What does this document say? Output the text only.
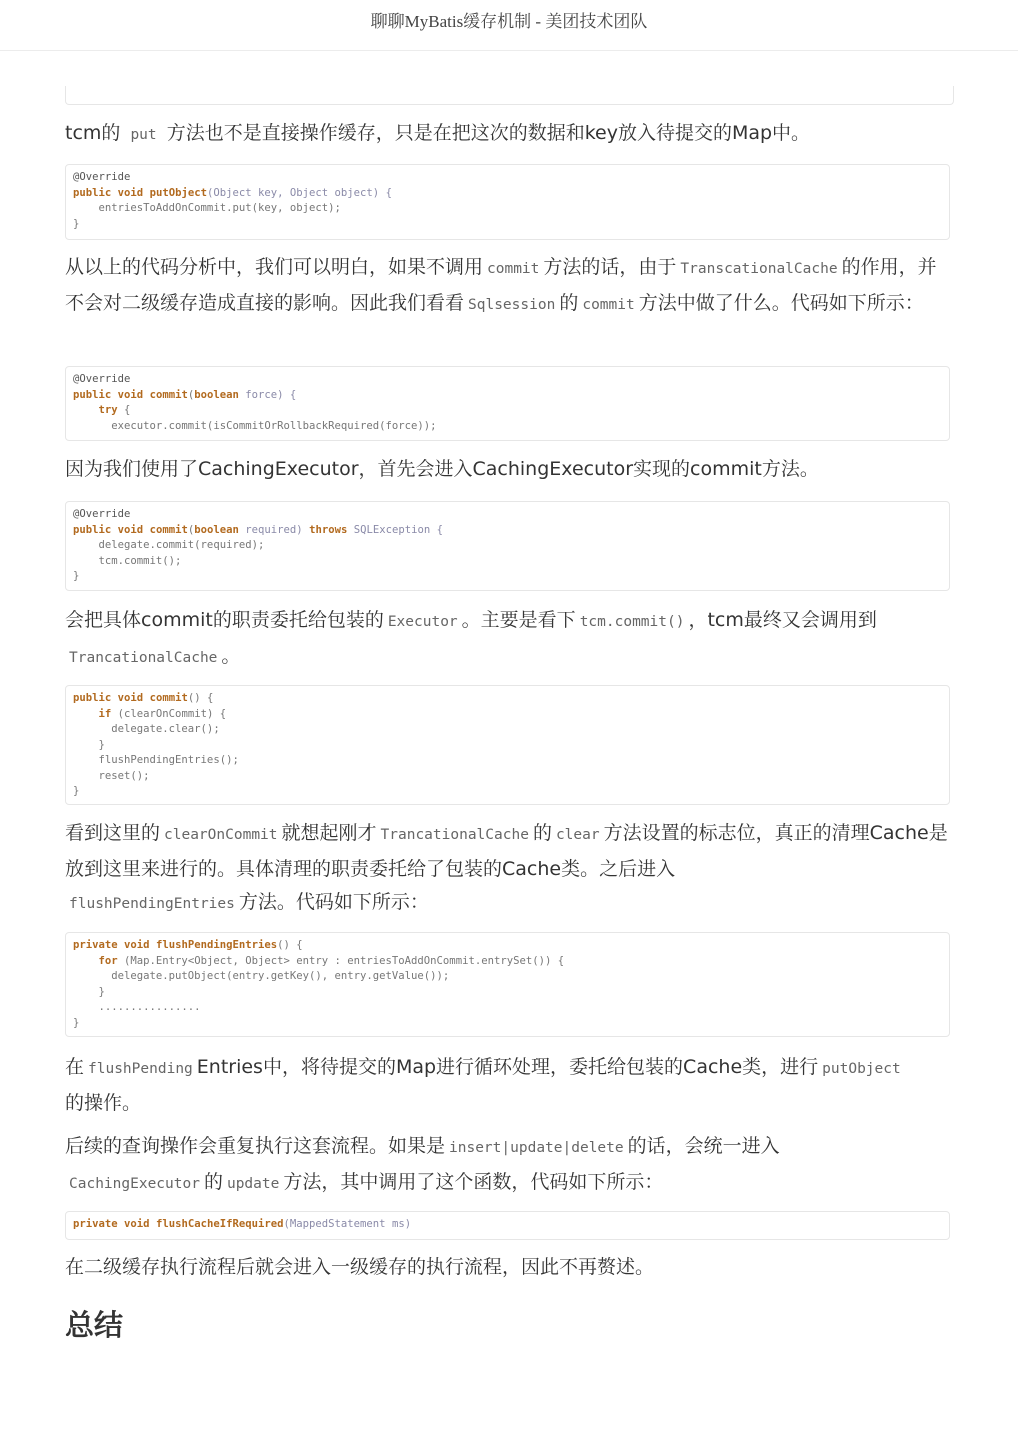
聊聊MyBatis缓存机制 - 美团技术团队

tcm的 put 方法也不是直接操作缓存，只是在把这次的数据和key放入待提交的Map中。

@Override
public void putObject(Object key, Object object) {
entriesToAddOnCommit.put(key, object);
}

从以上的代码分析中，我们可以明白，如果不调用 commit 方法的话，由于 TranscationalCache 的作用，并不会对二级缓存造成直接的影响。因此我们看看 Sqlsession 的 commit 方法中做了什么。代码如下所示：

@Override
public void commit(boolean force) {
try {
executor.commit(isCommitOrRollbackRequired(force));

因为我们使用了CachingExecutor，首先会进入CachingExecutor实现的commit方法。

@Override
public void commit(boolean required) throws SQLException {
delegate.commit(required);
tcm.commit();
}

会把具体commit的职责委托给包装的 Executor 。主要是看下 tcm.commit() ，tcm最终又会调用到
TrancationalCache 。

public void commit() {
if (clearOnCommit) {
delegate.clear();
}
flushPendingEntries();
reset();
}

看到这里的 clearOnCommit 就想起刚才 TrancationalCache 的 clear 方法设置的标志位，真正的清理Cache是放到这里来进行的。具体清理的职责委托给了包装的Cache类。之后进入
flushPendingEntries 方法。代码如下所示：

private void flushPendingEntries() {
for (Map.Entry<Object, Object> entry : entriesToAddOnCommit.entrySet()) {
delegate.putObject(entry.getKey(), entry.getValue());
}
................
}

在 flushPending Entries中，将待提交的Map进行循环处理，委托给包装的Cache类，进行 putObject
的操作。

后续的查询操作会重复执行这套流程。如果是 insert|update|delete 的话，会统一进入
CachingExecutor 的 update 方法，其中调用了这个函数，代码如下所示：

private void flushCacheIfRequired(MappedStatement ms)

在二级缓存执行流程后就会进入一级缓存的执行流程，因此不再赘述。

总结
